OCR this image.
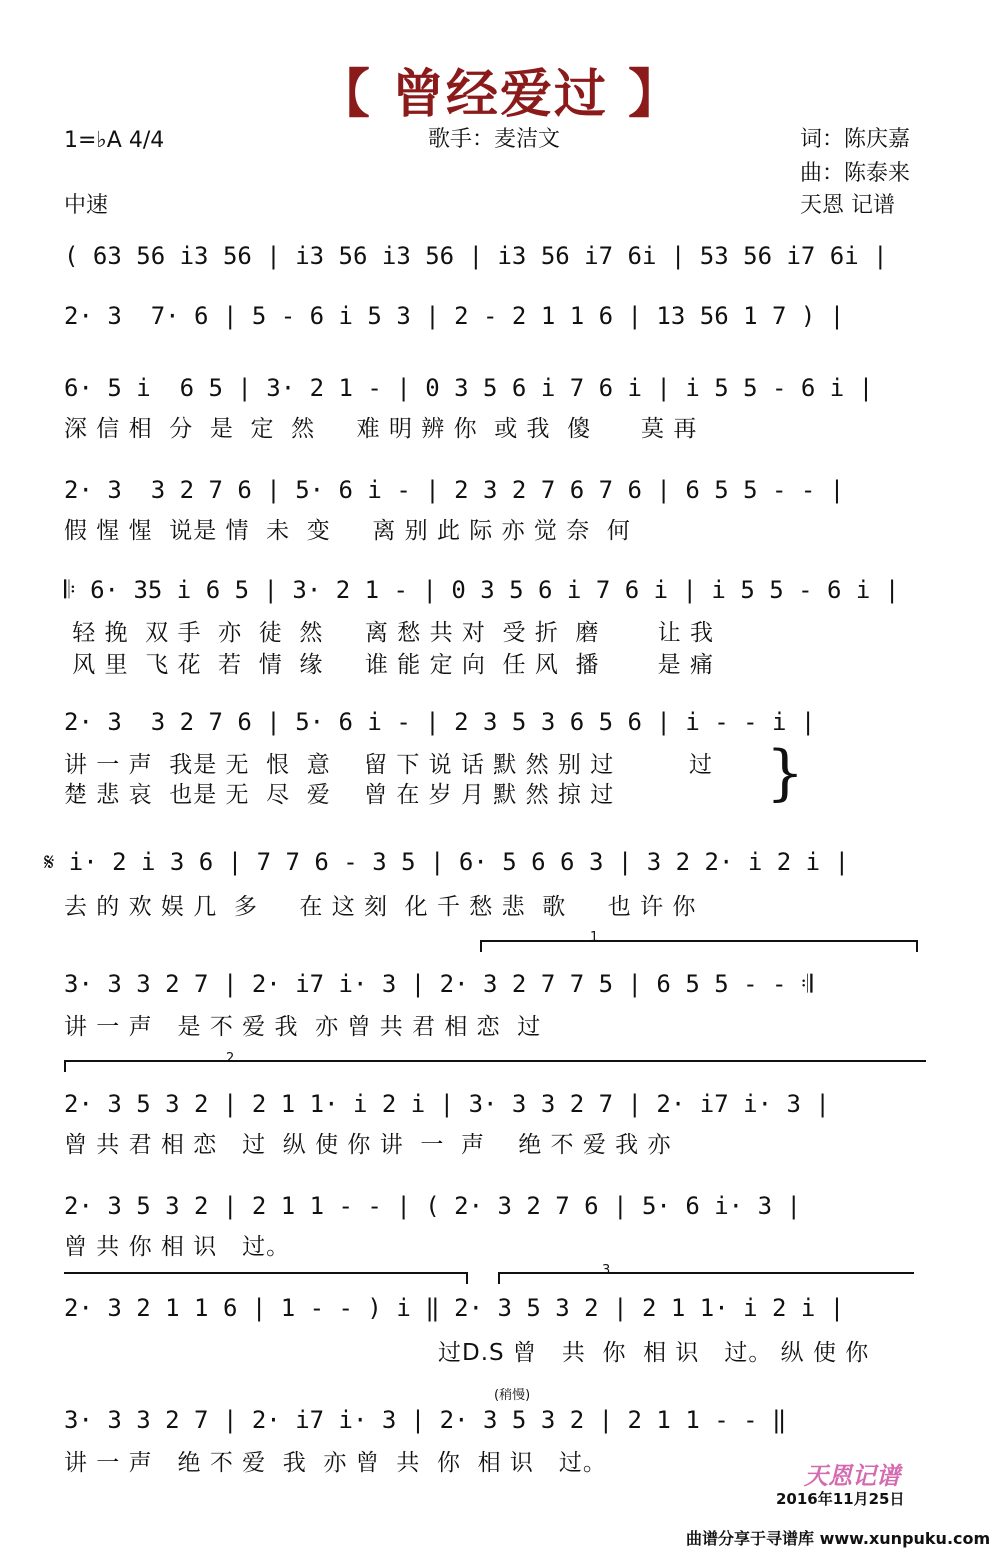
【 曾经爱过 】
1=♭A 4/4
中速
歌手：麦洁文	词：陈庆嘉
曲：陈泰来
天恩 记谱
( 63 56 i3 56 | i3 56 i3 56 | i3 56 i7 6i | 53 56 i7 6i |
2· 3  7· 6 | 5 - 6 i 5 3 | 2 - 2 1 1 6 | 13 56 1 7 ) |
6· 5 i  6 5 | 3· 2 1 - | 0 3 5 6 i 7 6 i | i 5 5 - 6 i |
深 信 相  分  是  定  然     难 明 辨 你  或 我  傻      莫 再
2· 3  3 2 7 6 | 5· 6 i - | 2 3 2 7 6 7 6 | 6 5 5 - - |
假 惺 惺  说是 情  未  变     离 别 此 际 亦 觉 奈  何
𝄆 6· 35 i 6 5 | 3· 2 1 - | 0 3 5 6 i 7 6 i | i 5 5 - 6 i |
轻 挽  双 手  亦  徒  然     离 愁 共 对  受 折  磨       让 我
风 里  飞 花  若  情  缘     谁 能 定 向  任 风  播       是 痛
2· 3  3 2 7 6 | 5· 6 i - | 2 3 5 3 6 5 6 | i - - i |
讲 一 声  我是 无  恨  意    留 下 说 话 默 然 别 过         过
楚 悲 哀  也是 无  尽  爱    曾 在 岁 月 默 然 掠 过	}
𝄋 i· 2 i 3 6 | 7 7 6 - 3 5 | 6· 5 6 6 3 | 3 2 2· i 2 i |
去 的 欢 娱 几  多     在 这 刻  化 千 愁 悲  歌     也 许 你
1
3· 3 3 2 7 | 2· i7 i· 3 | 2· 3 2 7 7 5 | 6 5 5 - - 𝄇
讲 一 声   是 不 爱 我  亦 曾 共 君 相 恋  过
2
2· 3 5 3 2 | 2 1 1· i 2 i | 3· 3 3 2 7 | 2· i7 i· 3 |
曾 共 君 相 恋   过  纵 使 你 讲  一  声    绝 不 爱 我 亦
2· 3 5 3 2 | 2 1 1 - - | ( 2· 3 2 7 6 | 5· 6 i· 3 |
曾 共 你 相 识   过。
3
2· 3 2 1 1 6 | 1 - - ) i ‖ 2· 3 5 3 2 | 2 1 1· i 2 i |
过D.S 曾   共  你  相 识   过。 纵 使 你
(稍慢)
3· 3 3 2 7 | 2· i7 i· 3 | 2· 3 5 3 2 | 2 1 1 - - ‖
讲 一 声   绝 不 爱  我  亦 曾  共  你  相 识   过。	天恩记谱
2016年11月25日
曲谱分享于寻谱库 www.xunpuku.com
